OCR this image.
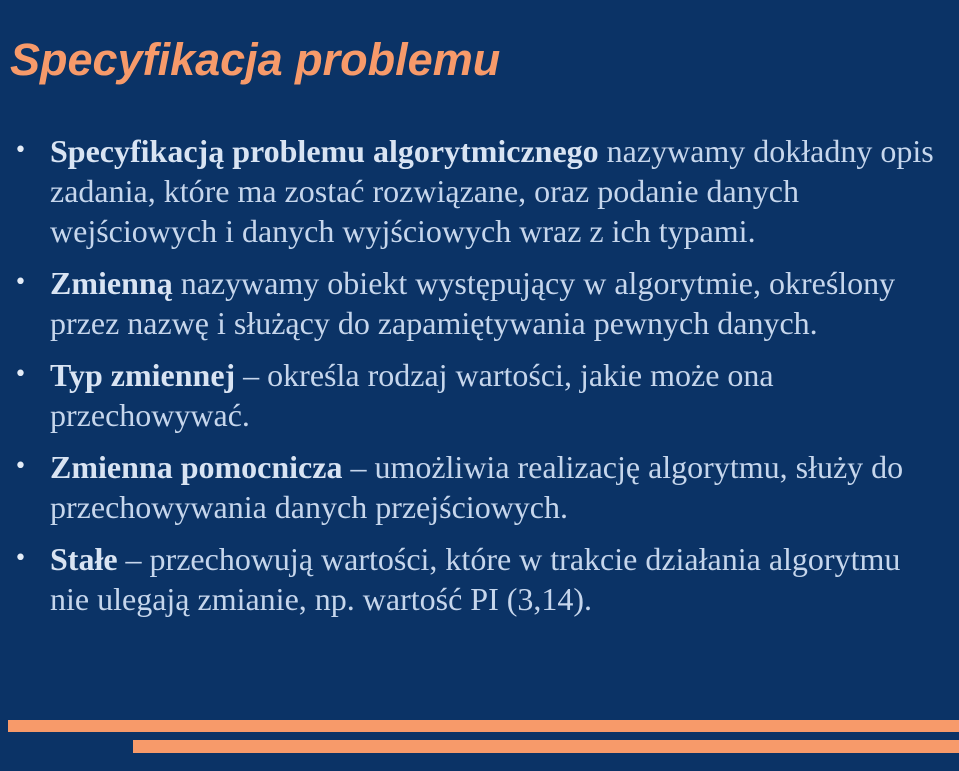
Specyfikacja problemu
• Specyfikacją problemu algorytmicznego nazywamy dokładny opis zadania, które ma zostać rozwiązane, oraz podanie danych wejściowych i danych wyjściowych wraz z ich typami.
• Zmienną nazywamy obiekt występujący w algorytmie, określony przez nazwę i służący do zapamiętywania pewnych danych.
• Typ zmiennej – określa rodzaj wartości, jakie może ona przechowywać.
• Zmienna pomocnicza – umożliwia realizację algorytmu, służy do przechowywania danych przejściowych.
• Stałe – przechowują wartości, które w trakcie działania algorytmu nie ulegają zmianie, np. wartość PI (3,14).
